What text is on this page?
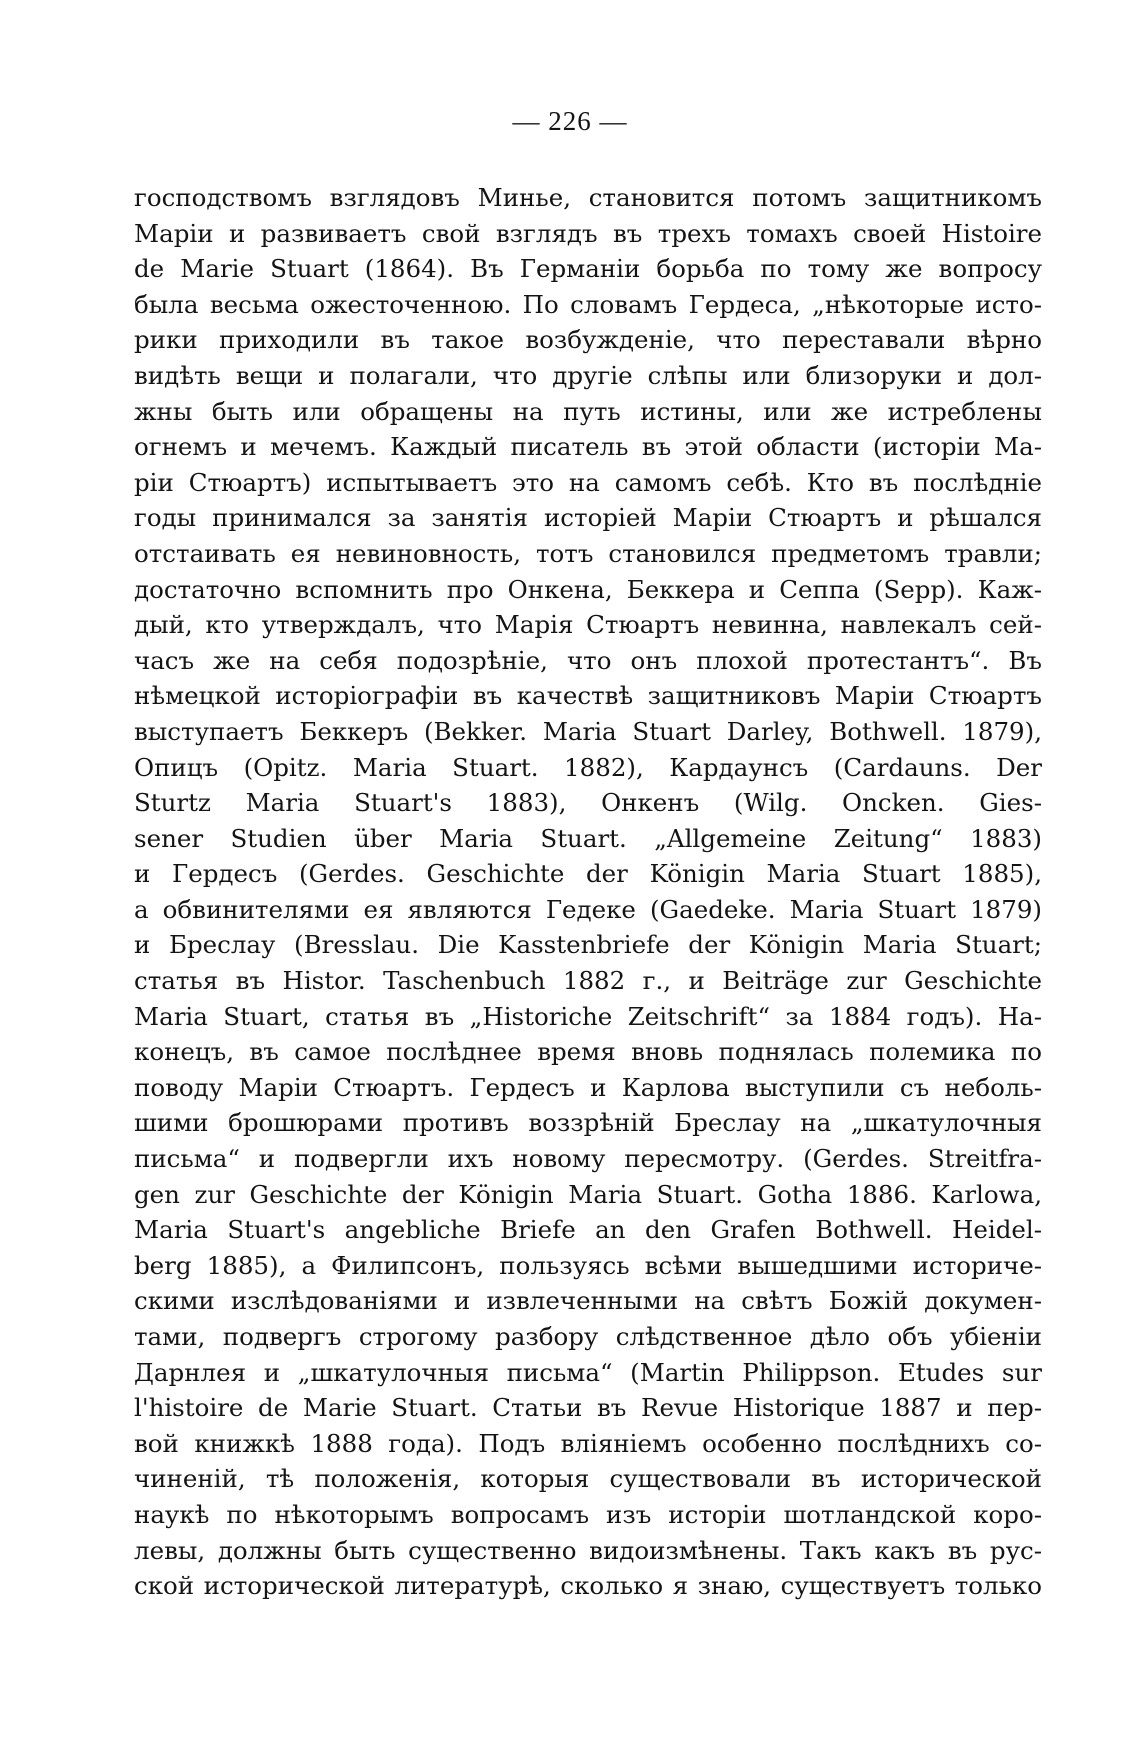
— 226 —
господствомъ взглядовъ Минье, становится потомъ защитникомъ
Маріи и развиваетъ свой взглядъ въ трехъ томахъ своей Histoire
de Marie Stuart (1864). Въ Германіи борьба по тому же вопросу
была весьма ожесточенною. По словамъ Гердеса, „нѣкоторые исто-
рики приходили въ такое возбужденіе, что переставали вѣрно
видѣть вещи и полагали, что другіе слѣпы или близоруки и дол-
жны быть или обращены на путь истины, или же истреблены
огнемъ и мечемъ. Каждый писатель въ этой области (исторіи Ма-
ріи Стюартъ) испытываетъ это на самомъ себѣ. Кто въ послѣдніе
годы принимался за занятія исторіей Маріи Стюартъ и рѣшался
отстаивать ея невиновность, тотъ становился предметомъ травли;
достаточно вспомнить про Онкена, Беккера и Сеппа (Sepp). Каж-
дый, кто утверждалъ, что Марія Стюартъ невинна, навлекалъ сей-
часъ же на себя подозрѣніе, что онъ плохой протестантъ“. Въ
нѣмецкой исторіографіи въ качествѣ защитниковъ Маріи Стюартъ
выступаетъ Беккеръ (Bekker. Maria Stuart Darley, Bothwell. 1879),
Опицъ (Opitz. Maria Stuart. 1882), Кардаунсъ (Cardauns. Der
Sturtz Maria Stuart's 1883), Онкенъ (Wilg. Oncken. Gies-
sener Studien über Maria Stuart. „Allgemeine Zeitung“ 1883)
и Гердесъ (Gerdes. Geschichte der Königin Maria Stuart 1885),
а обвинителями ея являются Гедеке (Gaedeke. Maria Stuart 1879)
и Бреслау (Bresslau. Die Kasstenbriefe der Königin Maria Stuart;
статья въ Histor. Taschenbuch 1882 г., и Beiträge zur Geschichte
Maria Stuart, статья въ „Historiche Zeitschrift“ за 1884 годъ). На-
конецъ, въ самое послѣднее время вновь поднялась полемика по
поводу Маріи Стюартъ. Гердесъ и Карлова выступили съ неболь-
шими брошюрами противъ воззрѣній Бреслау на „шкатулочныя
письма“ и подвергли ихъ новому пересмотру. (Gerdes. Streitfra-
gen zur Geschichte der Königin Maria Stuart. Gotha 1886. Karlowa,
Maria Stuart's angebliche Briefe an den Grafen Bothwell. Heidel-
berg 1885), а Филипсонъ, пользуясь всѣми вышедшими историче-
скими изслѣдованіями и извлеченными на свѣтъ Божій докумен-
тами, подвергъ строгому разбору слѣдственное дѣло объ убіеніи
Дарнлея и „шкатулочныя письма“ (Martin Philippson. Etudes sur
l'histoire de Marie Stuart. Статьи въ Revue Historique 1887 и пер-
вой книжкѣ 1888 года). Подъ вліяніемъ особенно послѣднихъ со-
чиненій, тѣ положенія, которыя существовали въ исторической
наукѣ по нѣкоторымъ вопросамъ изъ исторіи шотландской коро-
левы, должны быть существенно видоизмѣнены. Такъ какъ въ рус-
ской исторической литературѣ, сколько я знаю, существуетъ только
